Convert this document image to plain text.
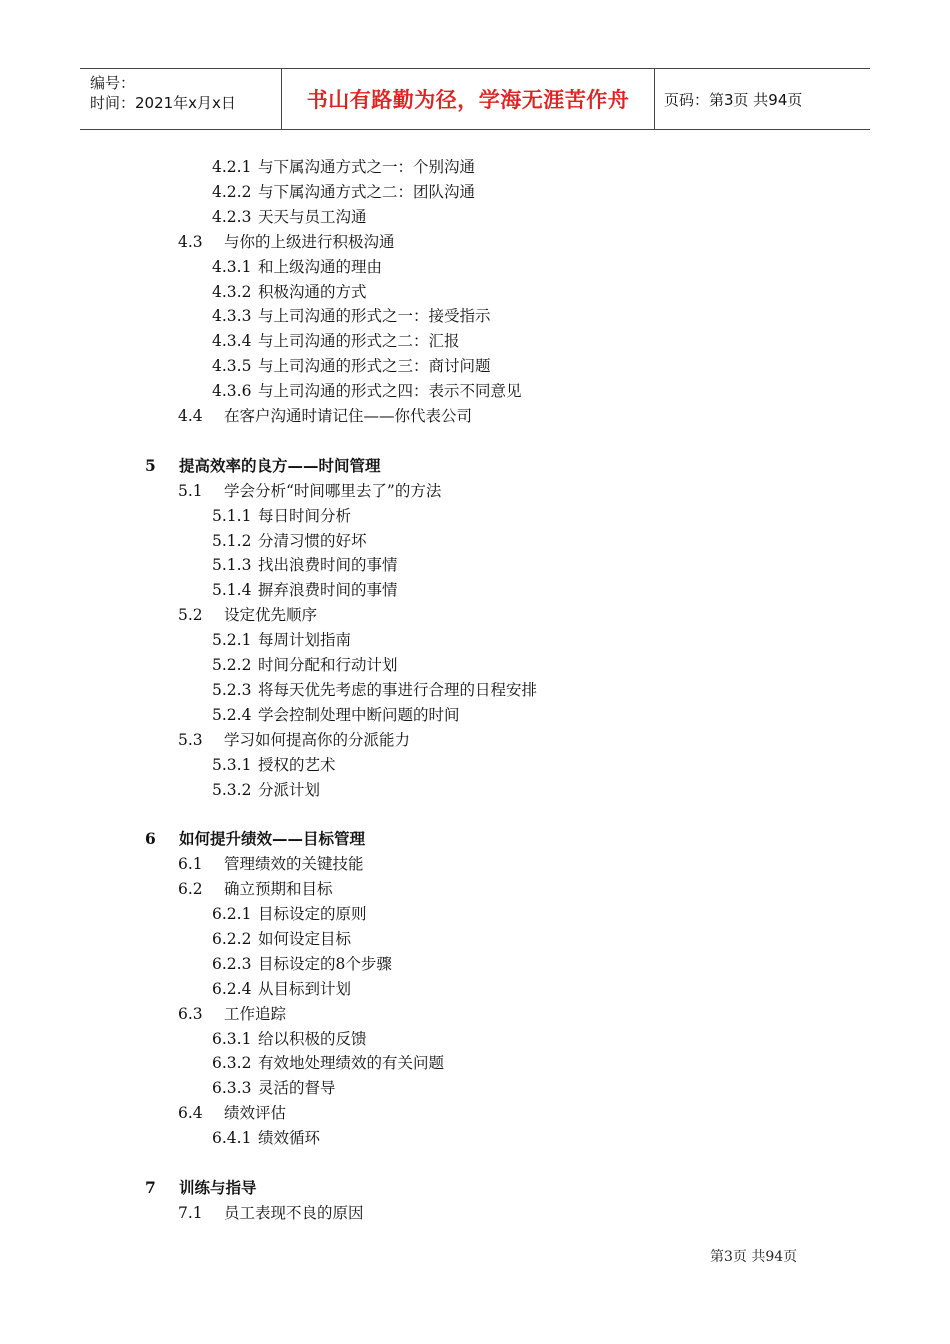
编号：
时间：2021年x月x日	书山有路勤为径，学海无涯苦作舟	页码：第3页 共94页
4.2.1 与下属沟通方式之一：个别沟通
4.2.2 与下属沟通方式之二：团队沟通
4.2.3 天天与员工沟通
4.3 与你的上级进行积极沟通
4.3.1 和上级沟通的理由
4.3.2 积极沟通的方式
4.3.3 与上司沟通的形式之一：接受指示
4.3.4 与上司沟通的形式之二：汇报
4.3.5 与上司沟通的形式之三：商讨问题
4.3.6 与上司沟通的形式之四：表示不同意见
4.4 在客户沟通时请记住——你代表公司
5 提高效率的良方——时间管理
5.1 学会分析“时间哪里去了”的方法
5.1.1 每日时间分析
5.1.2 分清习惯的好坏
5.1.3 找出浪费时间的事情
5.1.4 摒弃浪费时间的事情
5.2 设定优先顺序
5.2.1 每周计划指南
5.2.2 时间分配和行动计划
5.2.3 将每天优先考虑的事进行合理的日程安排
5.2.4 学会控制处理中断问题的时间
5.3 学习如何提高你的分派能力
5.3.1 授权的艺术
5.3.2 分派计划
6 如何提升绩效——目标管理
6.1 管理绩效的关键技能
6.2 确立预期和目标
6.2.1 目标设定的原则
6.2.2 如何设定目标
6.2.3 目标设定的8个步骤
6.2.4 从目标到计划
6.3 工作追踪
6.3.1 给以积极的反馈
6.3.2 有效地处理绩效的有关问题
6.3.3 灵活的督导
6.4 绩效评估
6.4.1 绩效循环
7 训练与指导
7.1 员工表现不良的原因
第3页 共94页
